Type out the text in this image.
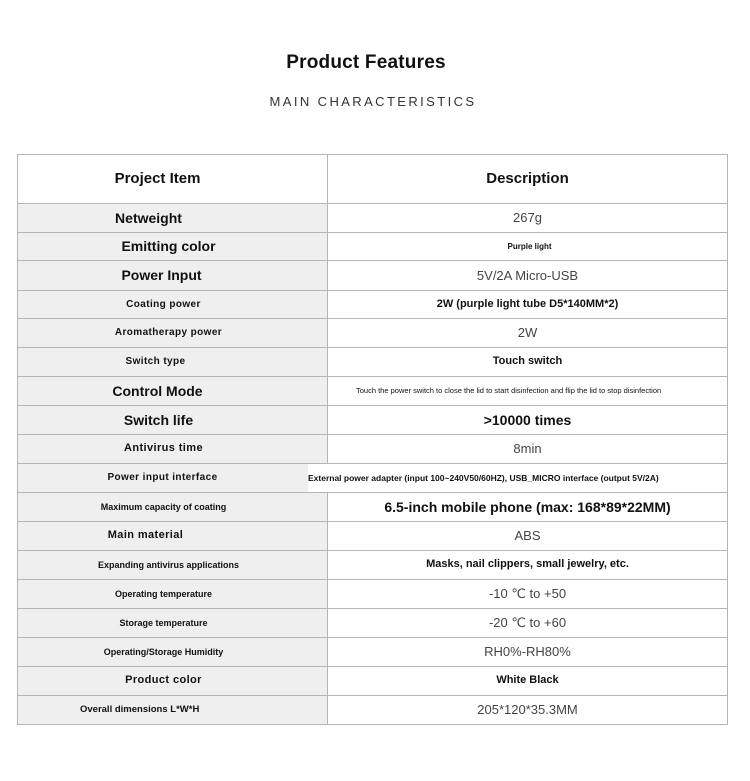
Product Features
MAIN CHARACTERISTICS
Project Item	Description
Netweight	267g
Emitting color	Purple light
Power Input	5V/2A Micro-USB
Coating power	2W (purple light tube D5*140MM*2)
Aromatherapy power	2W
Switch type	Touch switch
Control Mode	Touch the power switch to close the lid to start disinfection and flip the lid to stop disinfection
Switch life	>10000 times
Antivirus time	8min
Power input interface	External power adapter (input 100~240V50/60HZ), USB_MICRO interface (output 5V/2A)
Maximum capacity of coating	6.5-inch mobile phone (max: 168*89*22MM)
Main material	ABS
Expanding antivirus applications	Masks, nail clippers, small jewelry, etc.
Operating temperature	-10 ℃ to +50
Storage temperature	-20 ℃ to +60
Operating/Storage Humidity	RH0%-RH80%
Product color	White Black
Overall dimensions L*W*H	205*120*35.3MM
